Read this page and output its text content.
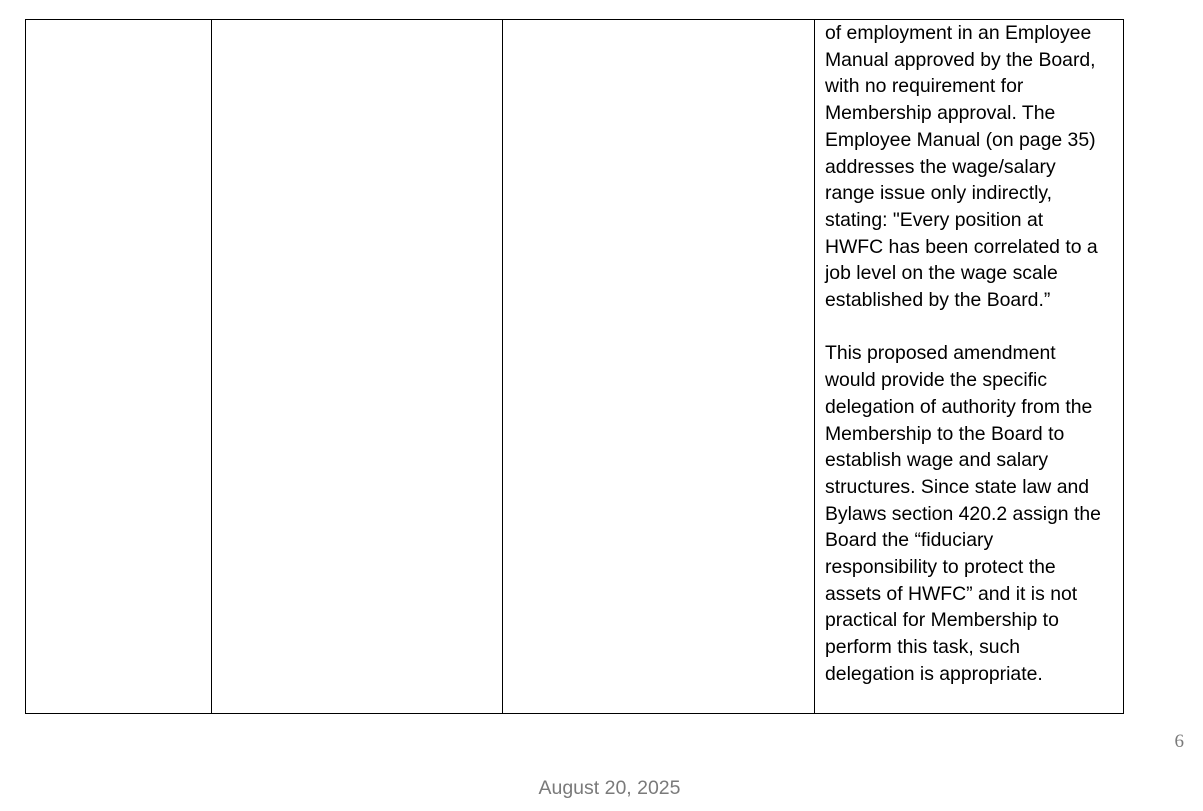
of employment in an Employee
Manual approved by the Board,
with no requirement for
Membership approval. The
Employee Manual (on page 35)
addresses the wage/salary
range issue only indirectly,
stating: "Every position at
HWFC has been correlated to a
job level on the wage scale
established by the Board.”

This proposed amendment
would provide the specific
delegation of authority from the
Membership to the Board to
establish wage and salary
structures. Since state law and
Bylaws section 420.2 assign the
Board the “fiduciary
responsibility to protect the
assets of HWFC” and it is not
practical for Membership to
perform this task, such
delegation is appropriate.

6
August 20, 2025
